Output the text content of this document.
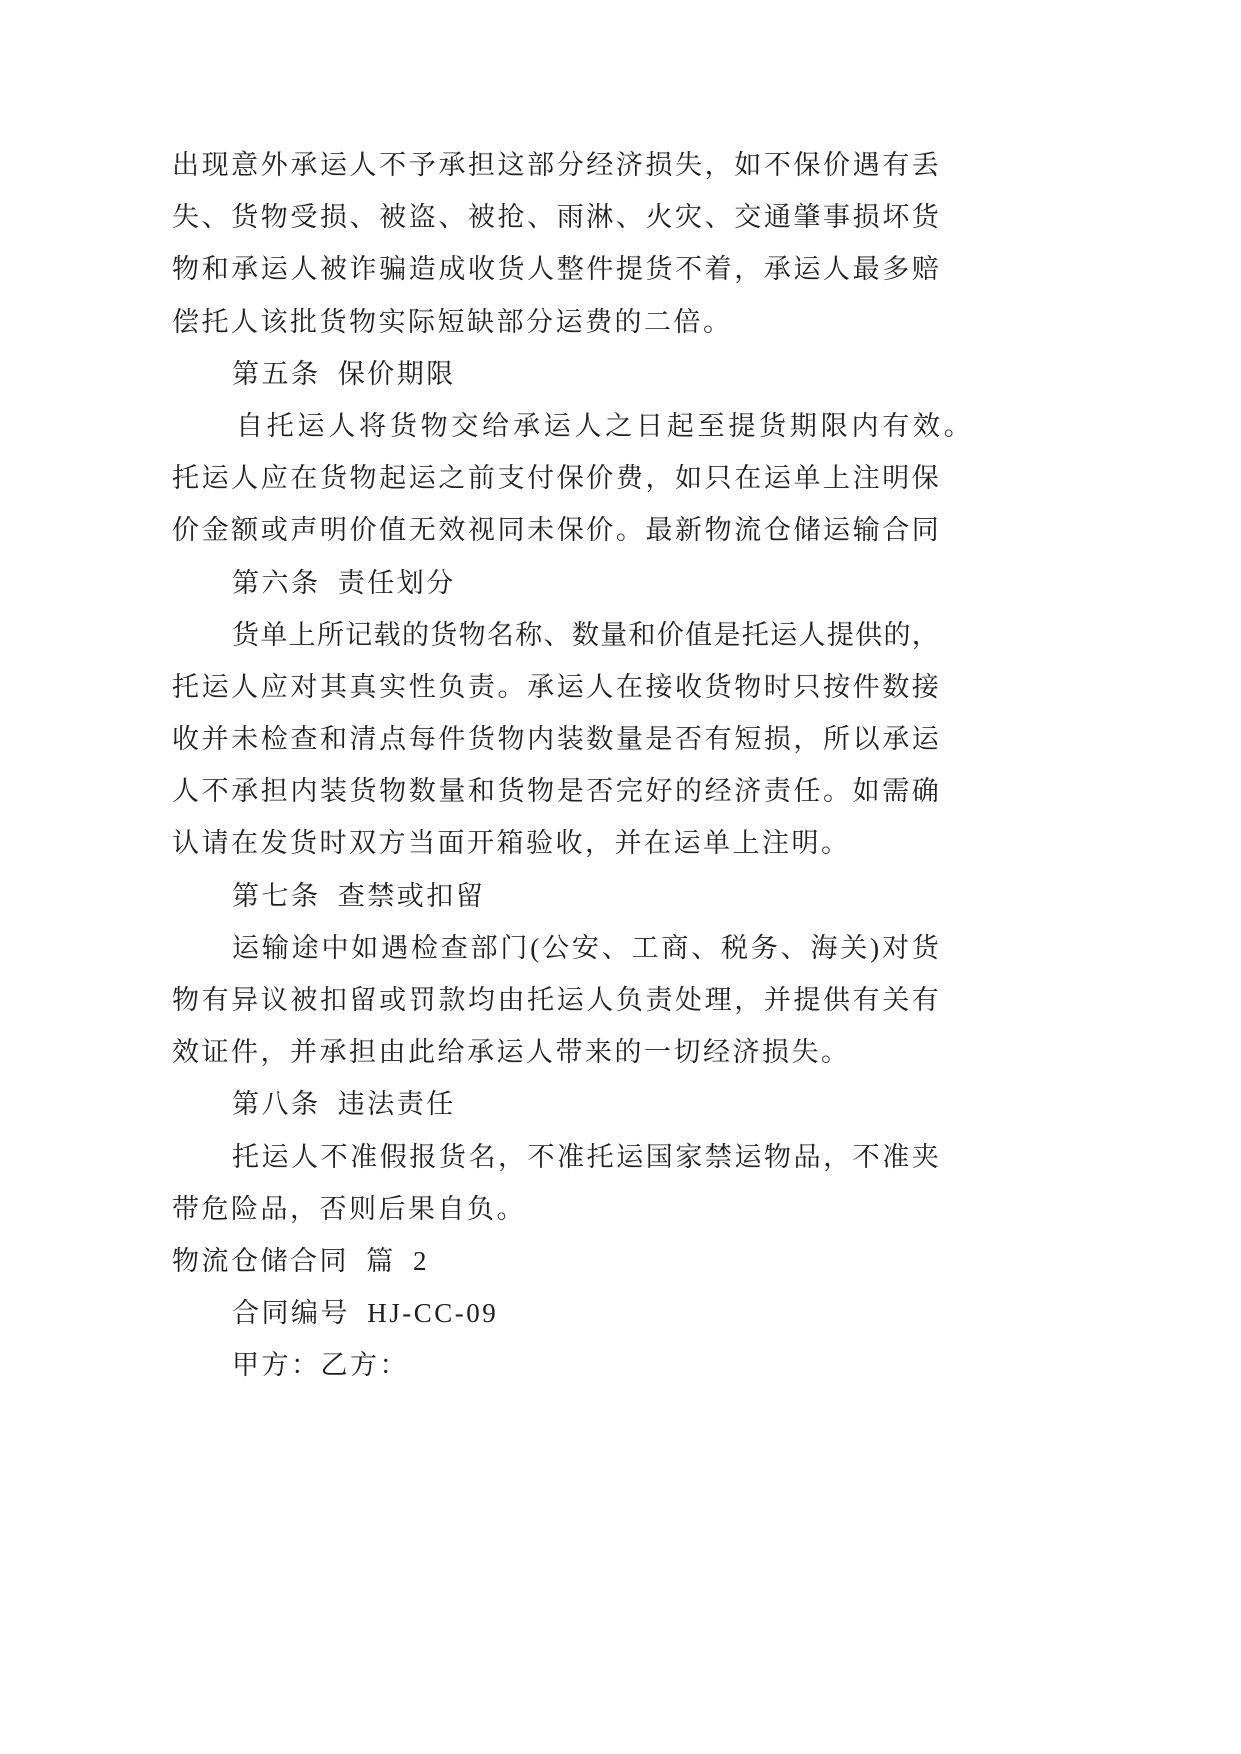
出现意外承运人不予承担这部分经济损失，如不保价遇有丢
失、货物受损、被盗、被抢、雨淋、火灾、交通肇事损坏货
物和承运人被诈骗造成收货人整件提货不着，承运人最多赔
偿托人该批货物实际短缺部分运费的二倍。
第五条 保价期限
自托运人将货物交给承运人之日起至提货期限内有效。
托运人应在货物起运之前支付保价费，如只在运单上注明保
价金额或声明价值无效视同未保价。最新物流仓储运输合同
第六条 责任划分
货单上所记载的货物名称、数量和价值是托运人提供的，
托运人应对其真实性负责。承运人在接收货物时只按件数接
收并未检查和清点每件货物内装数量是否有短损，所以承运
人不承担内装货物数量和货物是否完好的经济责任。如需确
认请在发货时双方当面开箱验收，并在运单上注明。
第七条 查禁或扣留
运输途中如遇检查部门(公安、工商、税务、海关)对货
物有异议被扣留或罚款均由托运人负责处理，并提供有关有
效证件，并承担由此给承运人带来的一切经济损失。
第八条 违法责任
托运人不准假报货名，不准托运国家禁运物品，不准夹
带危险品，否则后果自负。
物流仓储合同 篇 2
合同编号 HJ-CC-09
甲方：乙方：
